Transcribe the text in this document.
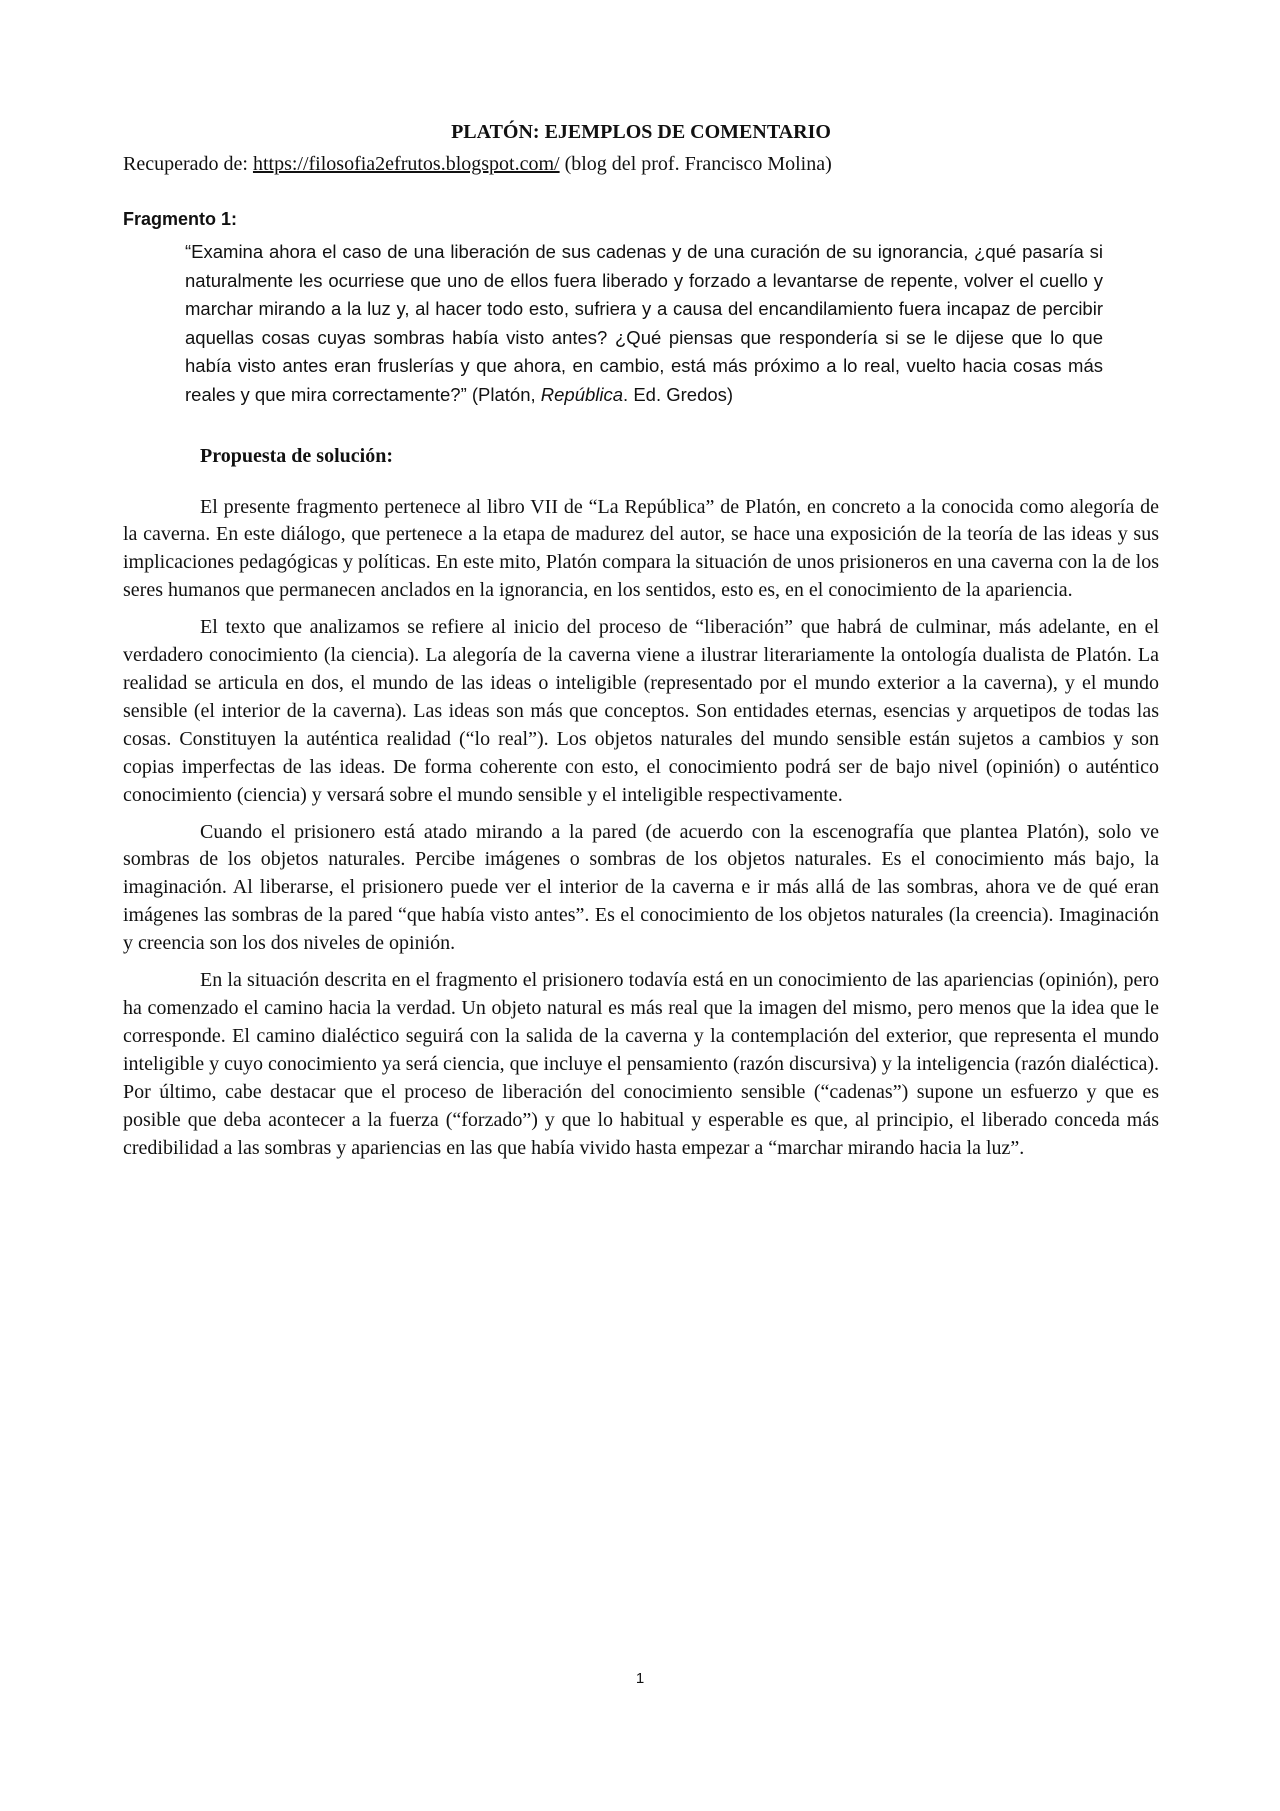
PLATÓN: EJEMPLOS DE COMENTARIO

Recuperado de: https://filosofia2efrutos.blogspot.com/ (blog del prof. Francisco Molina)

Fragmento 1:

“Examina ahora el caso de una liberación de sus cadenas y de una curación de su ignorancia, ¿qué pasaría si naturalmente les ocurriese que uno de ellos fuera liberado y forzado a levantarse de repente, volver el cuello y marchar mirando a la luz y, al hacer todo esto, sufriera y a causa del encandilamiento fuera incapaz de percibir aquellas cosas cuyas sombras había visto antes? ¿Qué piensas que respondería si se le dijese que lo que había visto antes eran fruslerías y que ahora, en cambio, está más próximo a lo real, vuelto hacia cosas más reales y que mira correctamente?” (Platón, República. Ed. Gredos)

Propuesta de solución:

El presente fragmento pertenece al libro VII de “La República” de Platón, en concreto a la conocida como alegoría de la caverna. En este diálogo, que pertenece a la etapa de madurez del autor, se hace una exposición de la teoría de las ideas y sus implicaciones pedagógicas y políticas. En este mito, Platón compara la situación de unos prisioneros en una caverna con la de los seres humanos que permanecen anclados en la ignorancia, en los sentidos, esto es, en el conocimiento de la apariencia.

El texto que analizamos se refiere al inicio del proceso de “liberación” que habrá de culminar, más adelante, en el verdadero conocimiento (la ciencia). La alegoría de la caverna viene a ilustrar literariamente la ontología dualista de Platón. La realidad se articula en dos, el mundo de las ideas o inteligible (representado por el mundo exterior a la caverna), y el mundo sensible (el interior de la caverna). Las ideas son más que conceptos. Son entidades eternas, esencias y arquetipos de todas las cosas. Constituyen la auténtica realidad (“lo real”). Los objetos naturales del mundo sensible están sujetos a cambios y son copias imperfectas de las ideas. De forma coherente con esto, el conocimiento podrá ser de bajo nivel (opinión) o auténtico conocimiento (ciencia) y versará sobre el mundo sensible y el inteligible respectivamente.

Cuando el prisionero está atado mirando a la pared (de acuerdo con la escenografía que plantea Platón), solo ve sombras de los objetos naturales. Percibe imágenes o sombras de los objetos naturales. Es el conocimiento más bajo, la imaginación. Al liberarse, el prisionero puede ver el interior de la caverna e ir más allá de las sombras, ahora ve de qué eran imágenes las sombras de la pared “que había visto antes”. Es el conocimiento de los objetos naturales (la creencia). Imaginación y creencia son los dos niveles de opinión.

En la situación descrita en el fragmento el prisionero todavía está en un conocimiento de las apariencias (opinión), pero ha comenzado el camino hacia la verdad. Un objeto natural es más real que la imagen del mismo, pero menos que la idea que le corresponde. El camino dialéctico seguirá con la salida de la caverna y la contemplación del exterior, que representa el mundo inteligible y cuyo conocimiento ya será ciencia, que incluye el pensamiento (razón discursiva) y la inteligencia (razón dialéctica). Por último, cabe destacar que el proceso de liberación del conocimiento sensible (“cadenas”) supone un esfuerzo y que es posible que deba acontecer a la fuerza (“forzado”) y que lo habitual y esperable es que, al principio, el liberado conceda más credibilidad a las sombras y apariencias en las que había vivido hasta empezar a “marchar mirando hacia la luz”.

1
